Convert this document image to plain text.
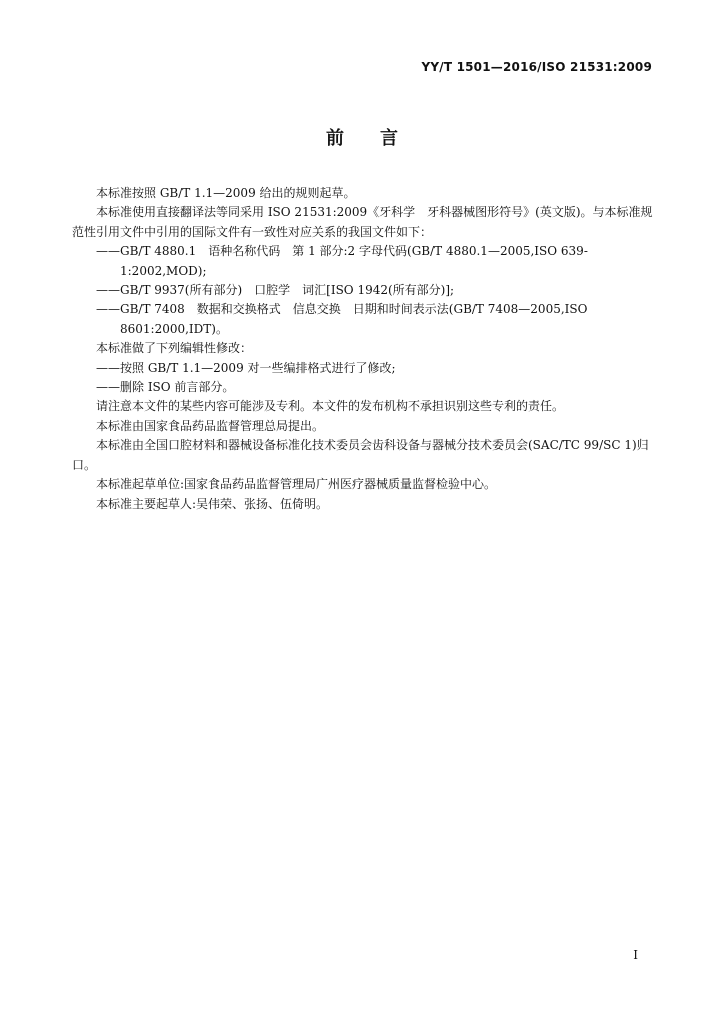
YY/T 1501—2016/ISO 21531:2009
前言

本标准按照 GB/T 1.1—2009 给出的规则起草。

本标准使用直接翻译法等同采用 ISO 21531:2009《牙科学　牙科器械图形符号》(英文版)。与本标准规范性引用文件中引用的国际文件有一致性对应关系的我国文件如下：

—— GB/T 4880.1　语种名称代码　第 1 部分:2 字母代码(GB/T 4880.1—2005,ISO 639-1:2002,MOD);

—— GB/T 9937(所有部分)　口腔学　词汇[ISO 1942(所有部分)];

—— GB/T 7408　数据和交换格式　信息交换　日期和时间表示法(GB/T 7408—2005,ISO 8601:2000,IDT)。

本标准做了下列编辑性修改：

—— 按照 GB/T 1.1—2009 对一些编排格式进行了修改;

—— 删除 ISO 前言部分。

请注意本文件的某些内容可能涉及专利。本文件的发布机构不承担识别这些专利的责任。

本标准由国家食品药品监督管理总局提出。

本标准由全国口腔材料和器械设备标准化技术委员会齿科设备与器械分技术委员会(SAC/TC 99/SC 1)归口。

本标准起草单位:国家食品药品监督管理局广州医疗器械质量监督检验中心。

本标准主要起草人:吴伟荣、张扬、伍倚明。

I
